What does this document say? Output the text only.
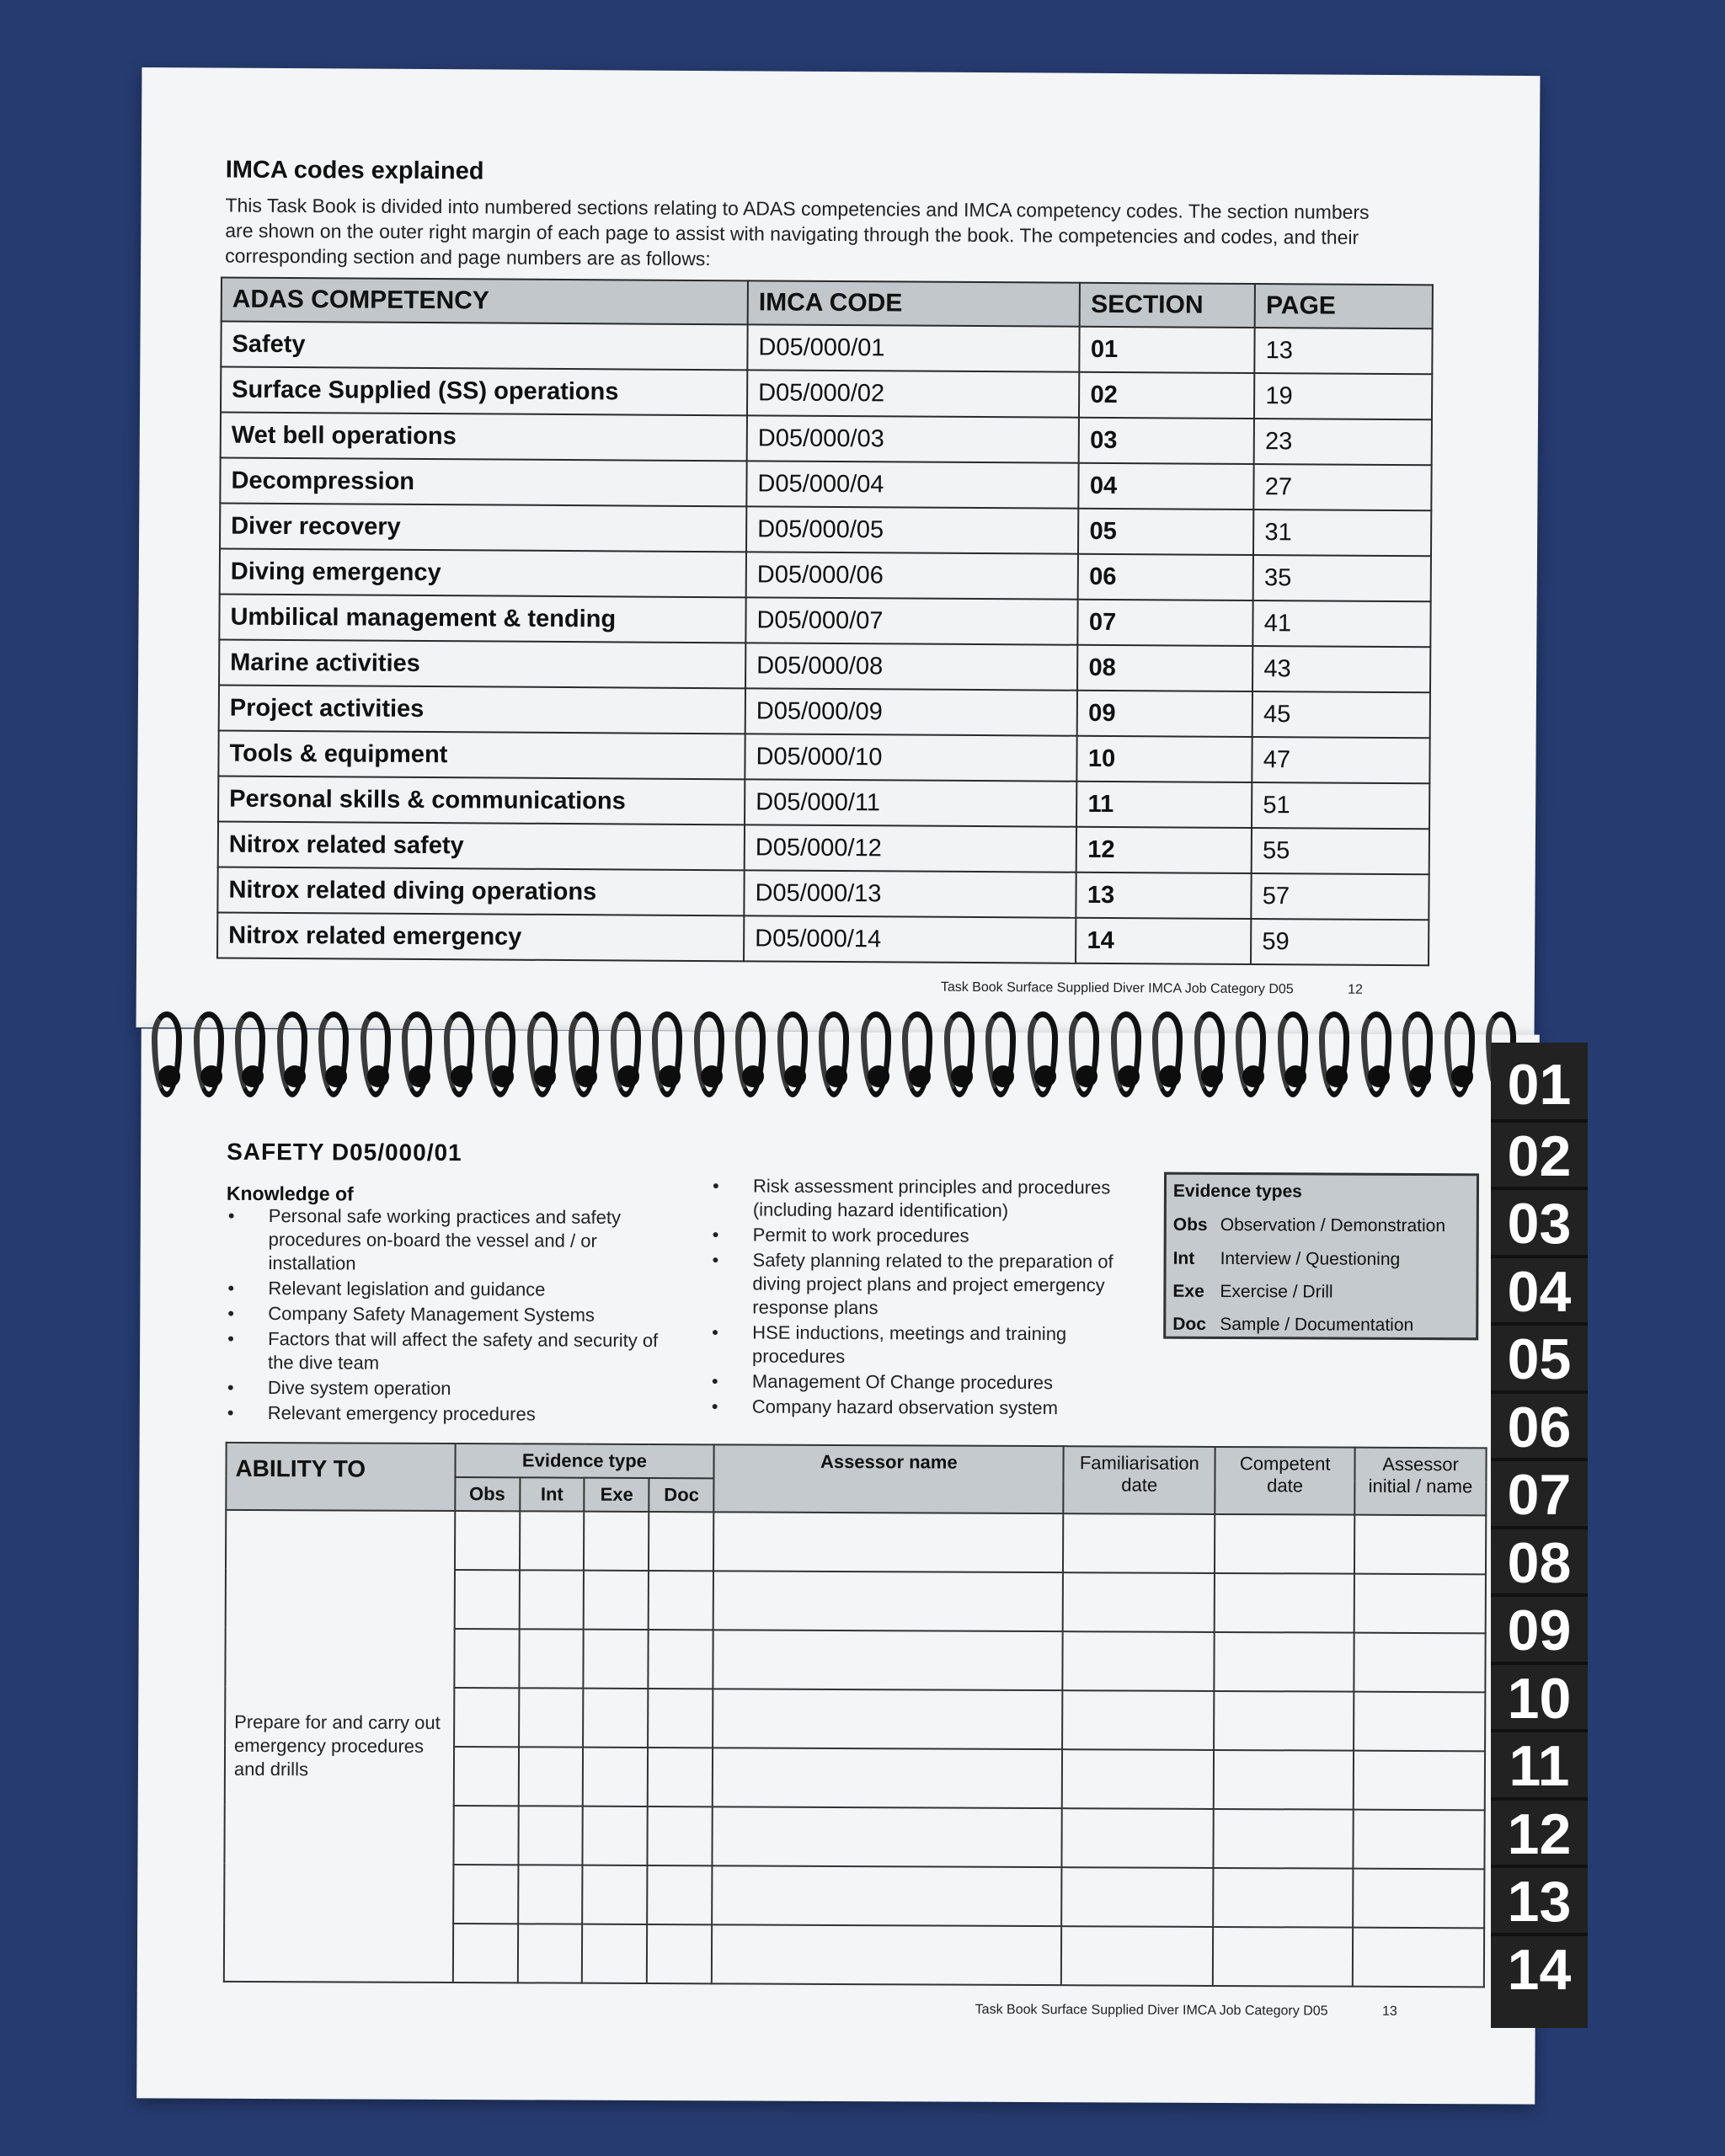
IMCA codes explained
This Task Book is divided into numbered sections relating to ADAS competencies and IMCA competency codes. The section numbers are shown on the outer right margin of each page to assist with navigating through the book. The competencies and codes, and their corresponding section and page numbers are as follows:
ADAS COMPETENCY	IMCA CODE	SECTION	PAGE
Safety	D05/000/01	01	13
Surface Supplied (SS) operations	D05/000/02	02	19
Wet bell operations	D05/000/03	03	23
Decompression	D05/000/04	04	27
Diver recovery	D05/000/05	05	31
Diving emergency	D05/000/06	06	35
Umbilical management & tending	D05/000/07	07	41
Marine activities	D05/000/08	08	43
Project activities	D05/000/09	09	45
Tools & equipment	D05/000/10	10	47
Personal skills & communications	D05/000/11	11	51
Nitrox related safety	D05/000/12	12	55
Nitrox related diving operations	D05/000/13	13	57
Nitrox related emergency	D05/000/14	14	59
Task Book Surface Supplied Diver IMCA Job Category D05	12
SAFETY D05/000/01
Knowledge of
• Personal safe working practices and safety procedures on-board the vessel and / or installation
• Relevant legislation and guidance
• Company Safety Management Systems
• Factors that will affect the safety and security of the dive team
• Dive system operation
• Relevant emergency procedures
• Risk assessment principles and procedures (including hazard identification)
• Permit to work procedures
• Safety planning related to the preparation of diving project plans and project emergency response plans
• HSE inductions, meetings and training procedures
• Management Of Change procedures
• Company hazard observation system
Evidence types
Obs Observation / Demonstration
Int Interview / Questioning
Exe Exercise / Drill
Doc Sample / Documentation
ABILITY TO	Evidence type				Assessor name	Familiarisation date	Competent date	Assessor initial / name
	Obs	Int	Exe	Doc				
Prepare for and carry out emergency procedures and drills								

Task Book Surface Supplied Diver IMCA Job Category D05	13
01
02
03
04
05
06
07
08
09
10
11
12
13
14
